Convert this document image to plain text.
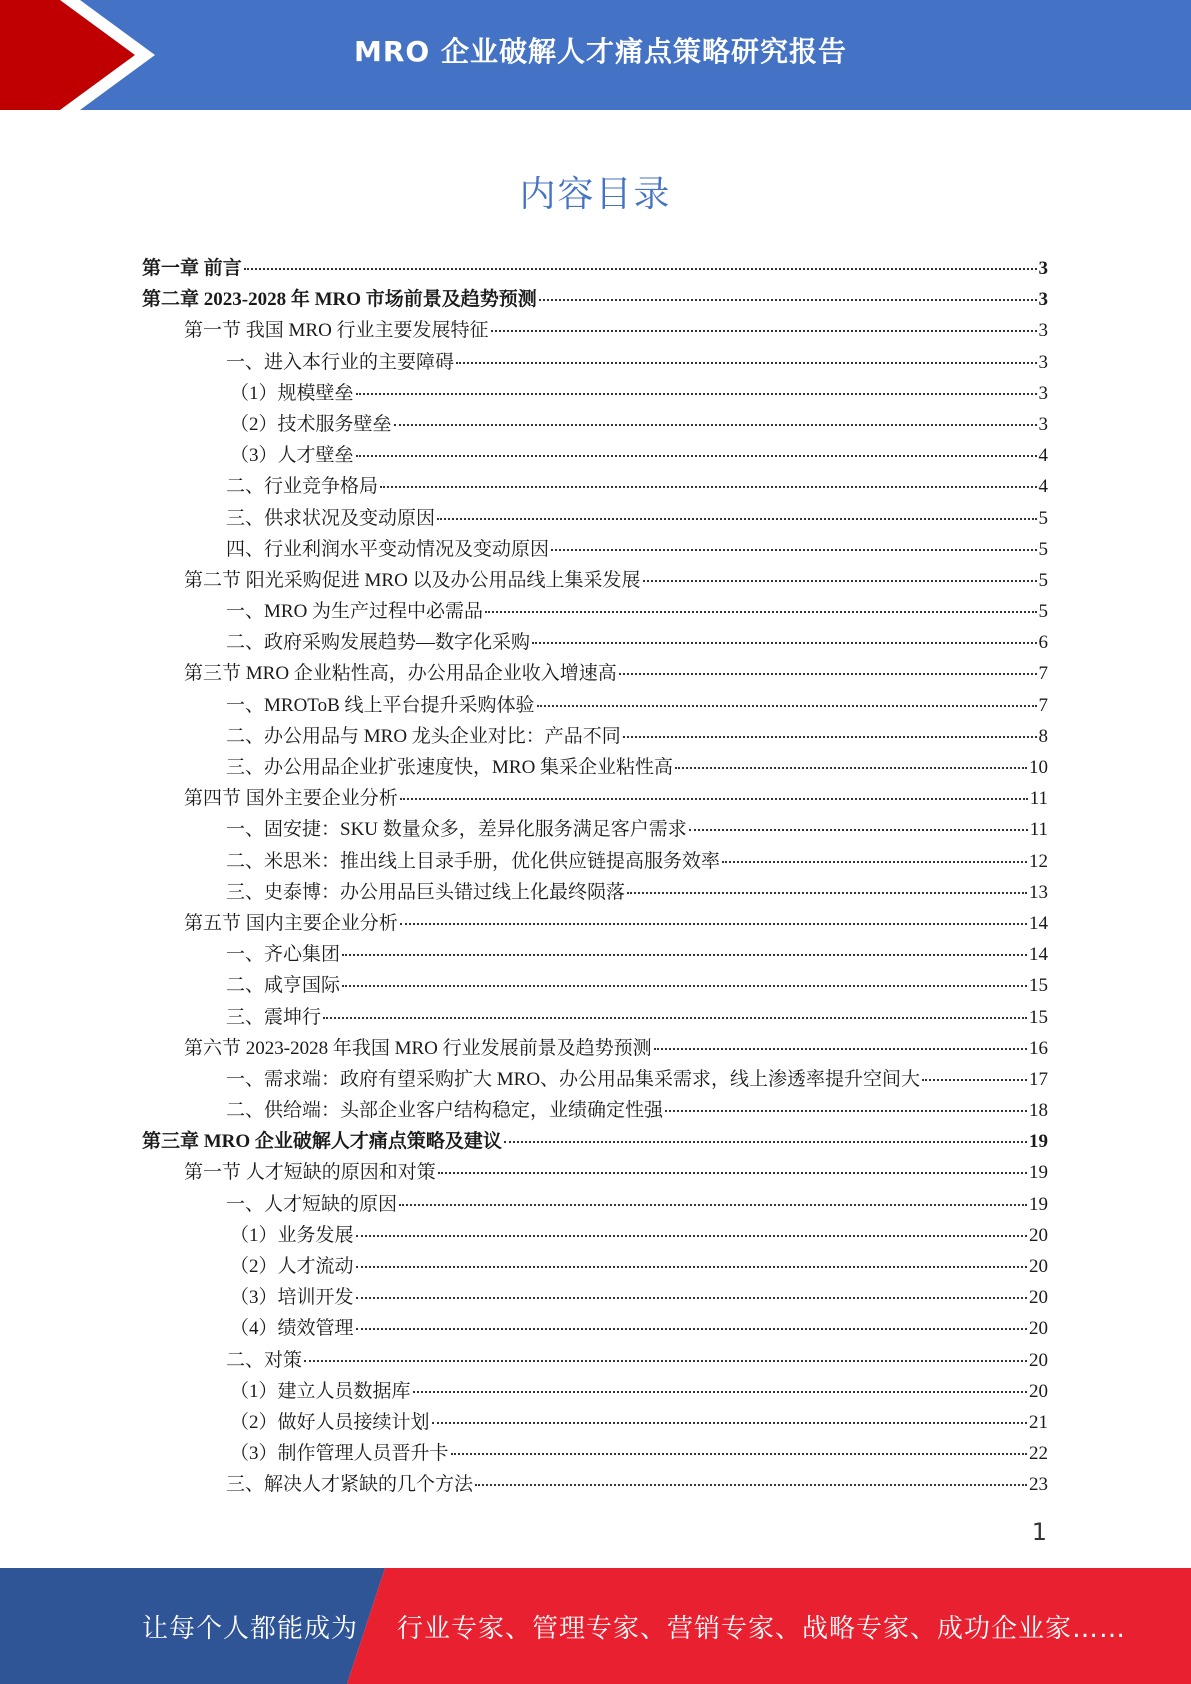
MRO 企业破解人才痛点策略研究报告
内容目录
第一章 前言	3
第二章 2023-2028 年 MRO 市场前景及趋势预测	3
第一节 我国 MRO 行业主要发展特征	3
一、进入本行业的主要障碍	3
（1）规模壁垒	3
（2）技术服务壁垒	3
（3）人才壁垒	4
二、行业竞争格局	4
三、供求状况及变动原因	5
四、行业利润水平变动情况及变动原因	5
第二节 阳光采购促进 MRO 以及办公用品线上集采发展	5
一、MRO 为生产过程中必需品	5
二、政府采购发展趋势—数字化采购	6
第三节 MRO 企业粘性高，办公用品企业收入增速高	7
一、MROToB 线上平台提升采购体验	7
二、办公用品与 MRO 龙头企业对比：产品不同	8
三、办公用品企业扩张速度快，MRO 集采企业粘性高	10
第四节 国外主要企业分析	11
一、固安捷：SKU 数量众多，差异化服务满足客户需求	11
二、米思米：推出线上目录手册，优化供应链提高服务效率	12
三、史泰博：办公用品巨头错过线上化最终陨落	13
第五节 国内主要企业分析	14
一、齐心集团	14
二、咸亨国际	15
三、震坤行	15
第六节 2023-2028 年我国 MRO 行业发展前景及趋势预测	16
一、需求端：政府有望采购扩大 MRO、办公用品集采需求，线上渗透率提升空间大	17
二、供给端：头部企业客户结构稳定，业绩确定性强	18
第三章 MRO 企业破解人才痛点策略及建议	19
第一节 人才短缺的原因和对策	19
一、人才短缺的原因	19
（1）业务发展	20
（2）人才流动	20
（3）培训开发	20
（4）绩效管理	20
二、对策	20
（1）建立人员数据库	20
（2）做好人员接续计划	21
（3）制作管理人员晋升卡	22
三、解决人才紧缺的几个方法	23
1
让每个人都能成为 行业专家、管理专家、营销专家、战略专家、成功企业家……
